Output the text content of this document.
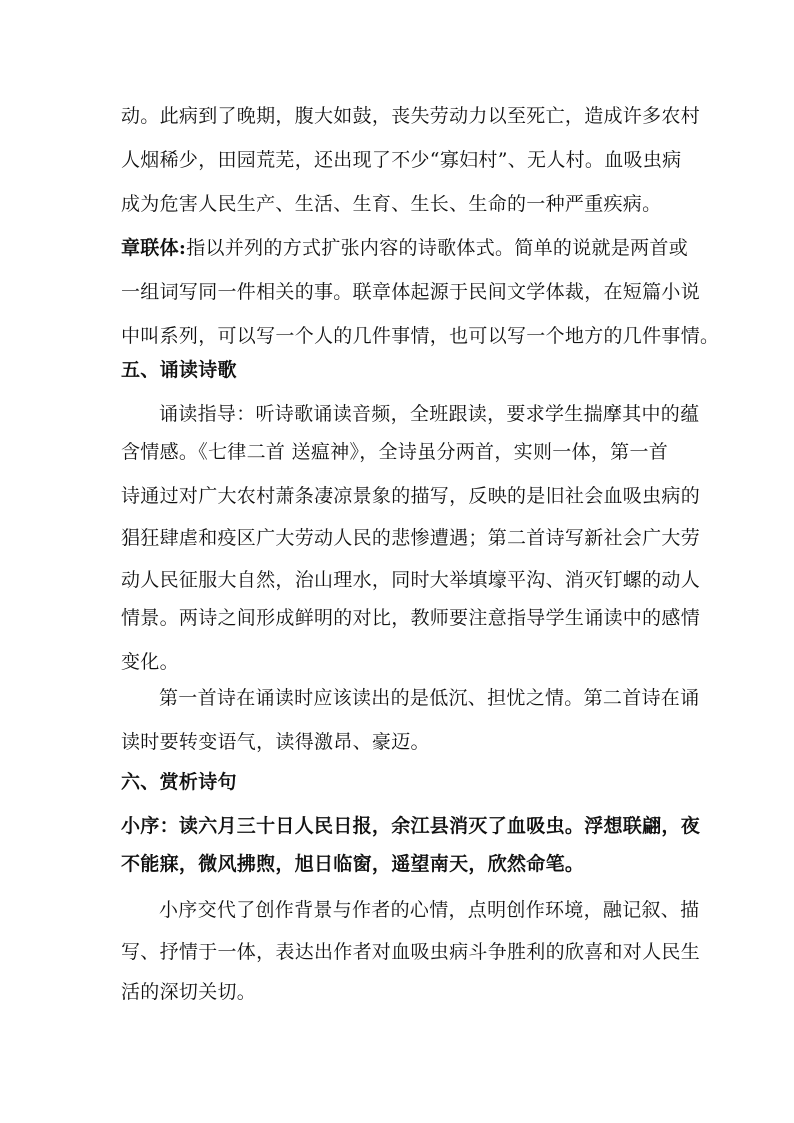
动。此病到了晚期，腹大如鼓，丧失劳动力以至死亡，造成许多农村
人烟稀少，田园荒芜，还出现了不少“寡妇村”、无人村。血吸虫病
成为危害人民生产、生活、生育、生长、生命的一种严重疾病。
章联体:指以并列的方式扩张内容的诗歌体式。简单的说就是两首或
一组词写同一件相关的事。联章体起源于民间文学体裁，在短篇小说
中叫系列，可以写一个人的几件事情，也可以写一个地方的几件事情。
五、诵读诗歌
诵读指导：听诗歌诵读音频，全班跟读，要求学生揣摩其中的蕴
含情感。《七律二首 送瘟神》，全诗虽分两首，实则一体，第一首
诗通过对广大农村萧条凄凉景象的描写，反映的是旧社会血吸虫病的
猖狂肆虐和疫区广大劳动人民的悲惨遭遇；第二首诗写新社会广大劳
动人民征服大自然，治山理水，同时大举填壕平沟、消灭钉螺的动人
情景。两诗之间形成鲜明的对比，教师要注意指导学生诵读中的感情
变化。
第一首诗在诵读时应该读出的是低沉、担忧之情。第二首诗在诵
读时要转变语气，读得激昂、豪迈。
六、赏析诗句
小序：读六月三十日人民日报，余江县消灭了血吸虫。浮想联翩，夜
不能寐，微风拂煦，旭日临窗，遥望南天，欣然命笔。
小序交代了创作背景与作者的心情，点明创作环境，融记叙、描
写、抒情于一体，表达出作者对血吸虫病斗争胜利的欣喜和对人民生
活的深切关切。
